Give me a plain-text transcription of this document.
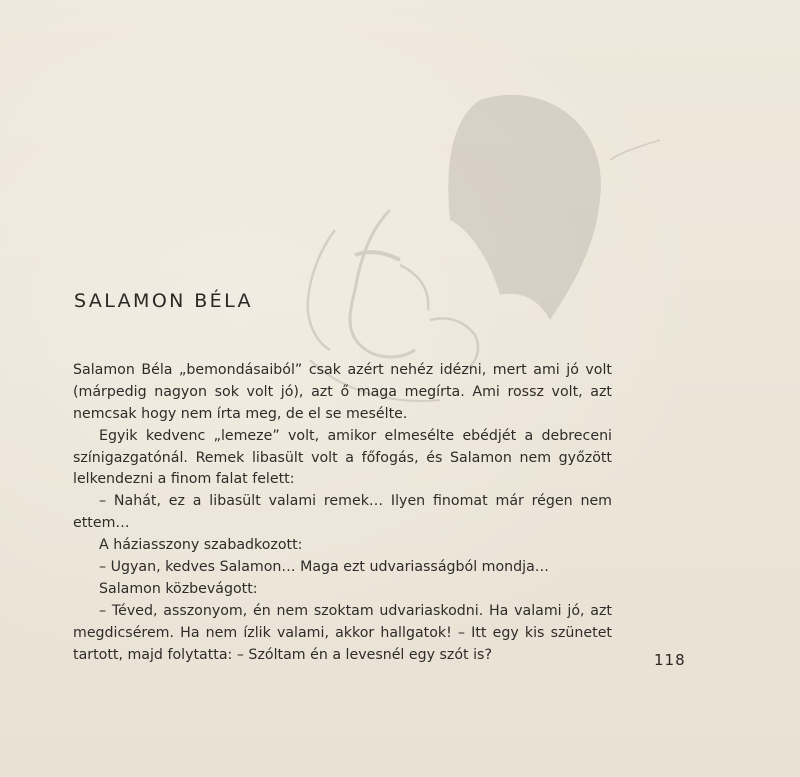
SALAMON BÉLA
Salamon Béla „bemondásaiból” csak azért nehéz idézni, mert ami jó volt
(márpedig nagyon sok volt jó), azt ő maga megírta. Ami rossz volt, azt
nemcsak hogy nem írta meg, de el se mesélte.
Egyik kedvenc „lemeze” volt, amikor elmesélte ebédjét a debreceni
színigazgatónál. Remek libasült volt a főfogás, és Salamon nem győzött
lelkendezni a finom falat felett:
– Nahát, ez a libasült valami remek… Ilyen finomat már régen nem
ettem…
A háziasszony szabadkozott:
– Ugyan, kedves Salamon… Maga ezt udvariasságból mondja…
Salamon közbevágott:
– Téved, asszonyom, én nem szoktam udvariaskodni. Ha valami jó, azt
megdicsérem. Ha nem ízlik valami, akkor hallgatok! – Itt egy kis szünetet
tartott, majd folytatta: – Szóltam én a levesnél egy szót is?	118
